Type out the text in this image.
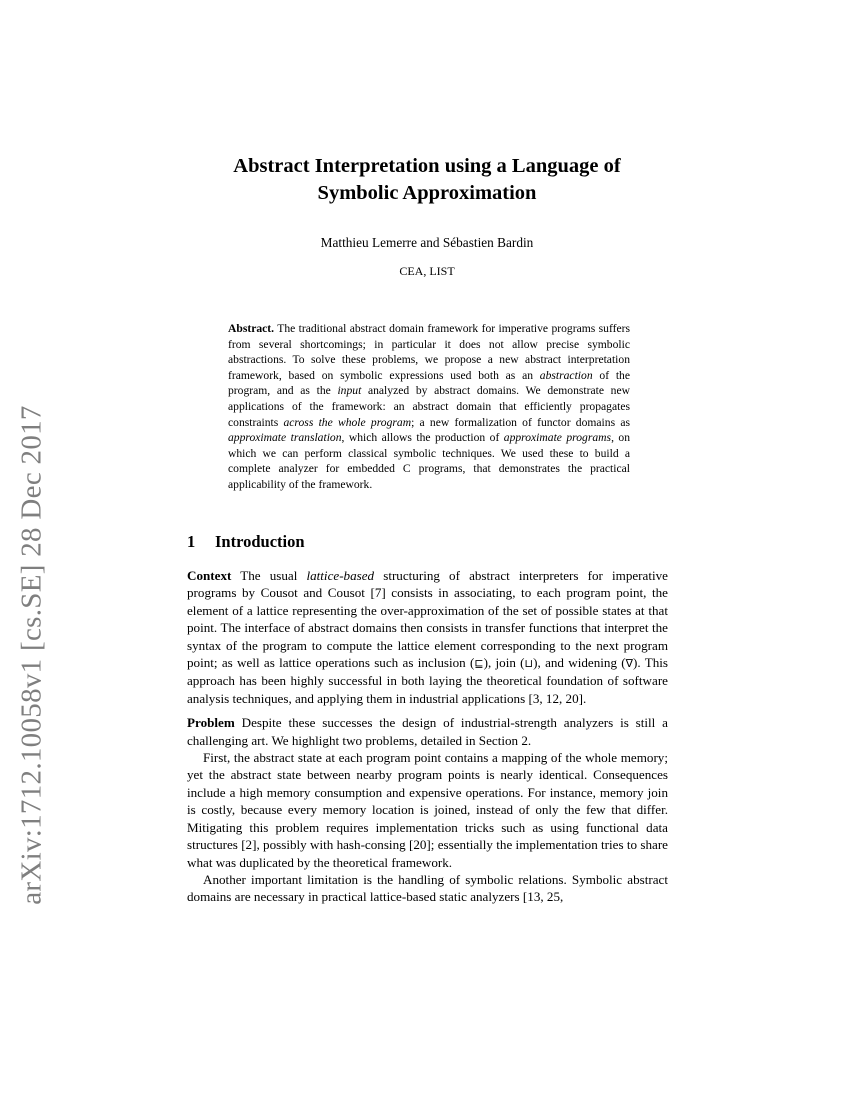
arXiv:1712.10058v1 [cs.SE] 28 Dec 2017
Abstract Interpretation using a Language of
Symbolic Approximation
Matthieu Lemerre and Sébastien Bardin
CEA, LIST
Abstract. The traditional abstract domain framework for imperative programs suffers from several shortcomings; in particular it does not allow precise symbolic abstractions. To solve these problems, we propose a new abstract interpretation framework, based on symbolic expressions used both as an abstraction of the program, and as the input analyzed by abstract domains. We demonstrate new applications of the framework: an abstract domain that efficiently propagates constraints across the whole program; a new formalization of functor domains as approximate translation, which allows the production of approximate programs, on which we can perform classical symbolic techniques. We used these to build a complete analyzer for embedded C programs, that demonstrates the practical applicability of the framework.
1 Introduction

Context The usual lattice-based structuring of abstract interpreters for imperative programs by Cousot and Cousot [7] consists in associating, to each program point, the element of a lattice representing the over-approximation of the set of possible states at that point. The interface of abstract domains then consists in transfer functions that interpret the syntax of the program to compute the lattice element corresponding to the next program point; as well as lattice operations such as inclusion (⊑), join (⊔), and widening (∇). This approach has been highly successful in both laying the theoretical foundation of software analysis techniques, and applying them in industrial applications [3, 12, 20].

Problem Despite these successes the design of industrial-strength analyzers is still a challenging art. We highlight two problems, detailed in Section 2.

First, the abstract state at each program point contains a mapping of the whole memory; yet the abstract state between nearby program points is nearly identical. Consequences include a high memory consumption and expensive operations. For instance, memory join is costly, because every memory location is joined, instead of only the few that differ. Mitigating this problem requires implementation tricks such as using functional data structures [2], possibly with hash-consing [20]; essentially the implementation tries to share what was duplicated by the theoretical framework.

Another important limitation is the handling of symbolic relations. Symbolic abstract domains are necessary in practical lattice-based static analyzers [13, 25,
